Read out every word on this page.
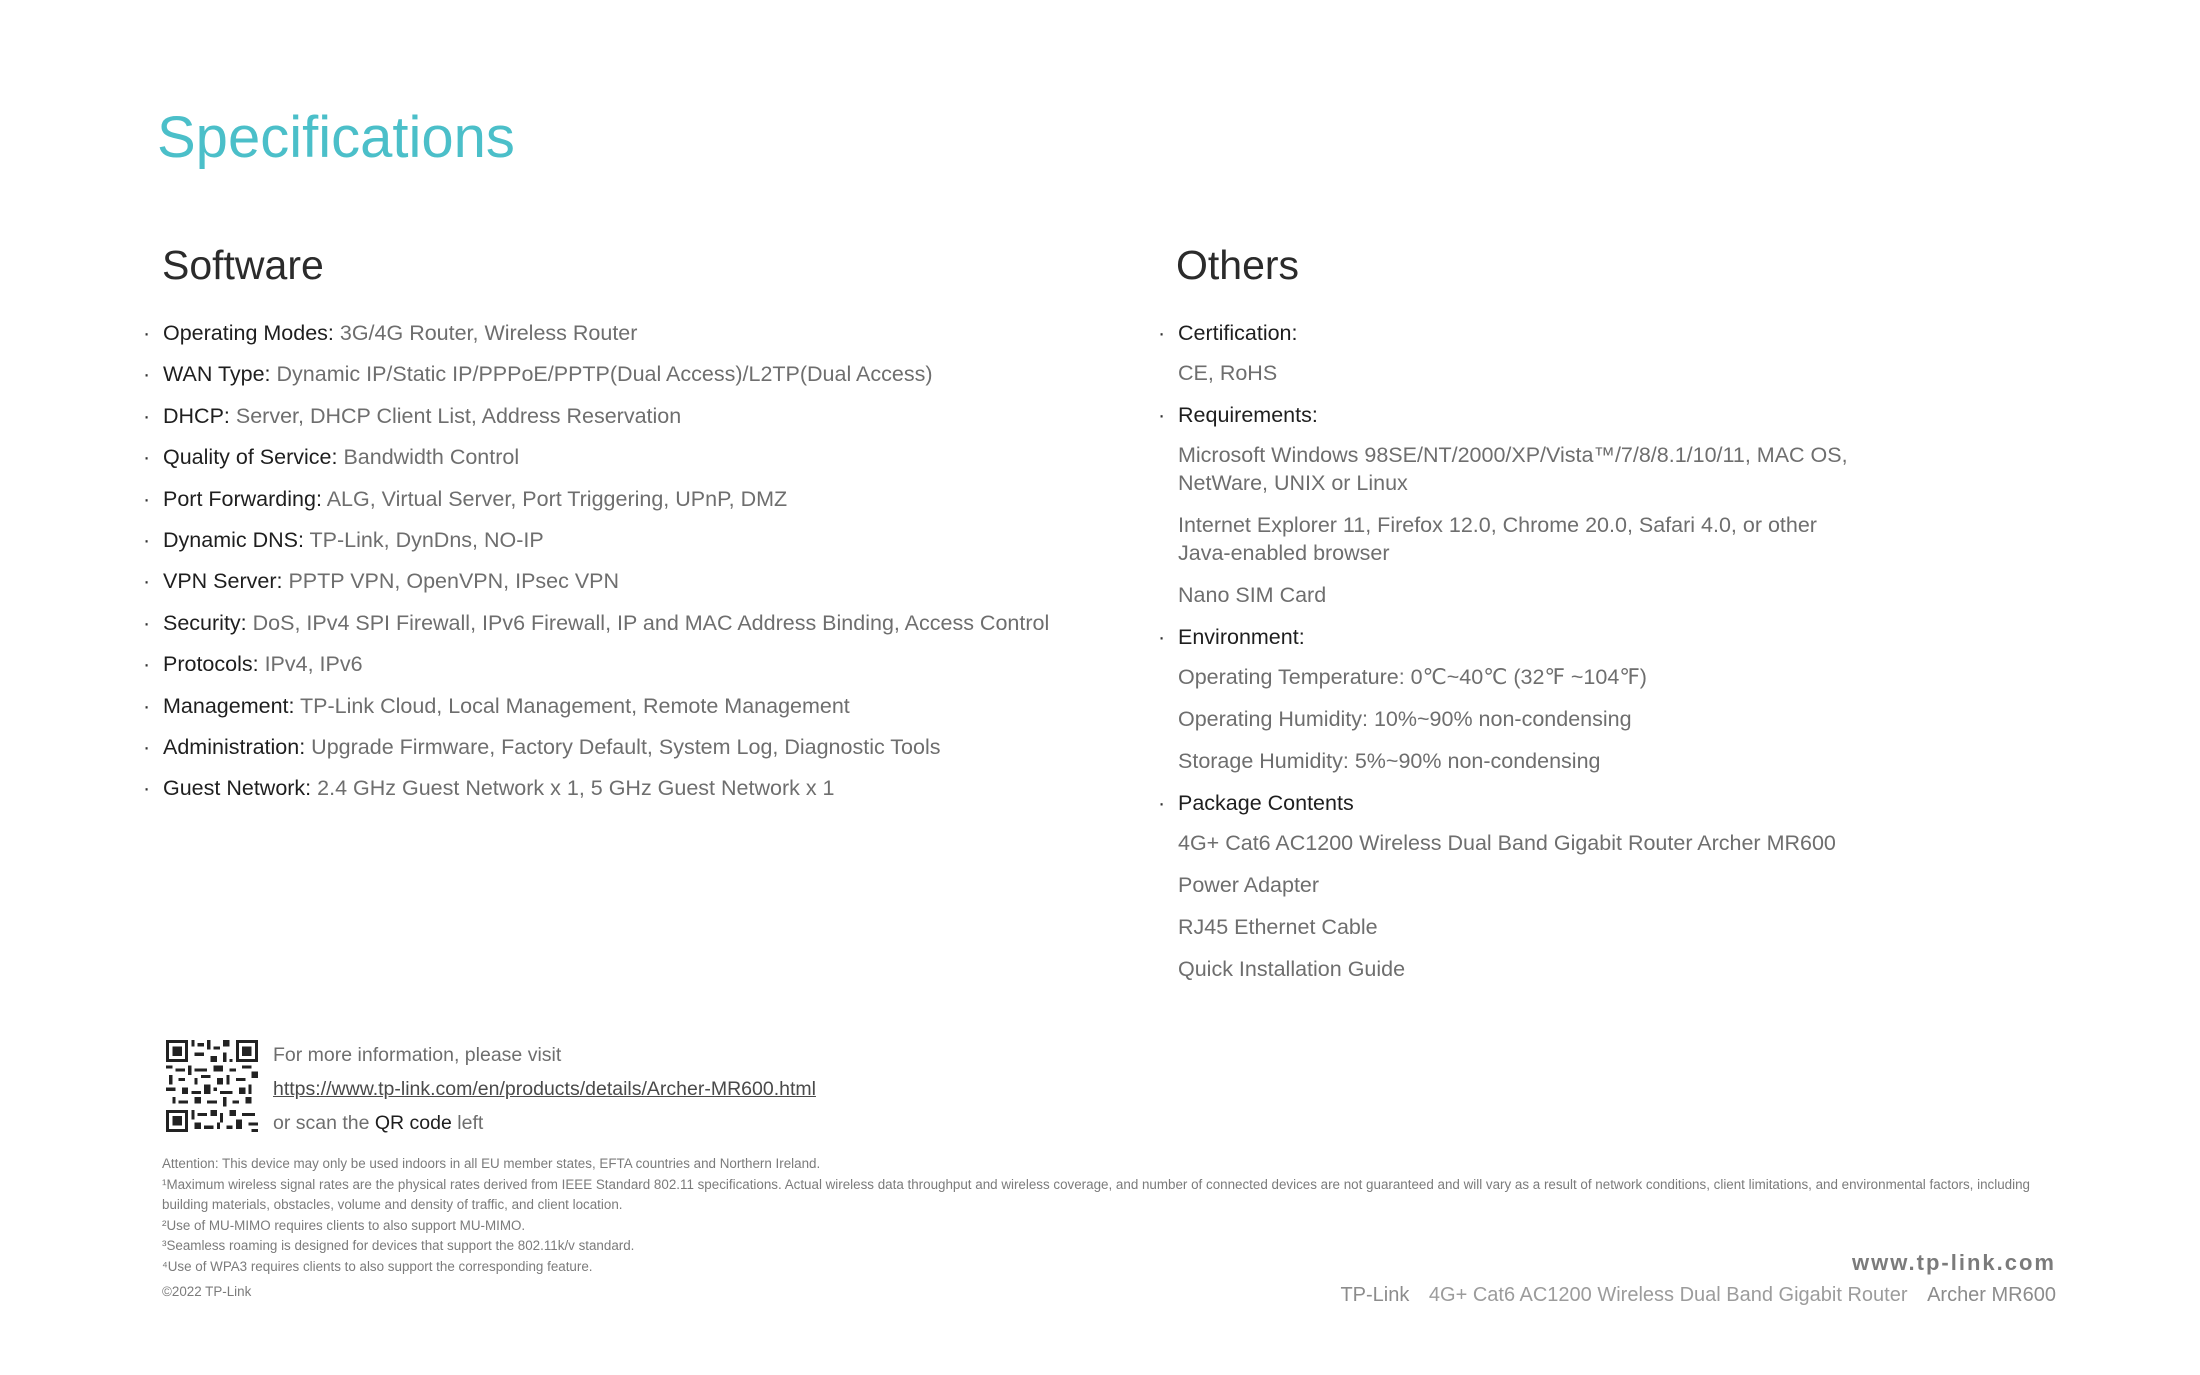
Specifications
Software
· Operating Modes: 3G/4G Router, Wireless Router
· WAN Type: Dynamic IP/Static IP/PPPoE/PPTP(Dual Access)/L2TP(Dual Access)
· DHCP: Server, DHCP Client List, Address Reservation
· Quality of Service: Bandwidth Control
· Port Forwarding: ALG, Virtual Server, Port Triggering, UPnP, DMZ
· Dynamic DNS: TP-Link, DynDns, NO-IP
· VPN Server: PPTP VPN, OpenVPN, IPsec VPN
· Security: DoS, IPv4 SPI Firewall, IPv6 Firewall, IP and MAC Address Binding, Access Control
· Protocols: IPv4, IPv6
· Management: TP-Link Cloud, Local Management, Remote Management
· Administration: Upgrade Firmware, Factory Default, System Log, Diagnostic Tools
· Guest Network: 2.4 GHz Guest Network x 1, 5 GHz Guest Network x 1
Others
· Certification:
CE, RoHS
· Requirements:
Microsoft Windows 98SE/NT/2000/XP/Vista™/7/8/8.1/10/11, MAC OS, NetWare, UNIX or Linux
Internet Explorer 11, Firefox 12.0, Chrome 20.0, Safari 4.0, or other Java-enabled browser
Nano SIM Card
· Environment:
Operating Temperature: 0℃~40℃ (32℉ ~104℉)
Operating Humidity: 10%~90% non-condensing
Storage Humidity: 5%~90% non-condensing
· Package Contents
4G+ Cat6 AC1200 Wireless Dual Band Gigabit Router Archer MR600
Power Adapter
RJ45 Ethernet Cable
Quick Installation Guide
For more information, please visit
https://www.tp-link.com/en/products/details/Archer-MR600.html
or scan the QR code left

Attention: This device may only be used indoors in all EU member states, EFTA countries and Northern Ireland.

¹Maximum wireless signal rates are the physical rates derived from IEEE Standard 802.11 specifications. Actual wireless data throughput and wireless coverage, and number of connected devices are not guaranteed and will vary as a result of network conditions, client limitations, and environmental factors, including building materials, obstacles, volume and density of traffic, and client location.

²Use of MU-MIMO requires clients to also support MU-MIMO.

³Seamless roaming is designed for devices that support the 802.11k/v standard.

⁴Use of WPA3 requires clients to also support the corresponding feature.

©2022 TP-Link
www.tp-link.com
TP-Link 4G+ Cat6 AC1200 Wireless Dual Band Gigabit Router Archer MR600
